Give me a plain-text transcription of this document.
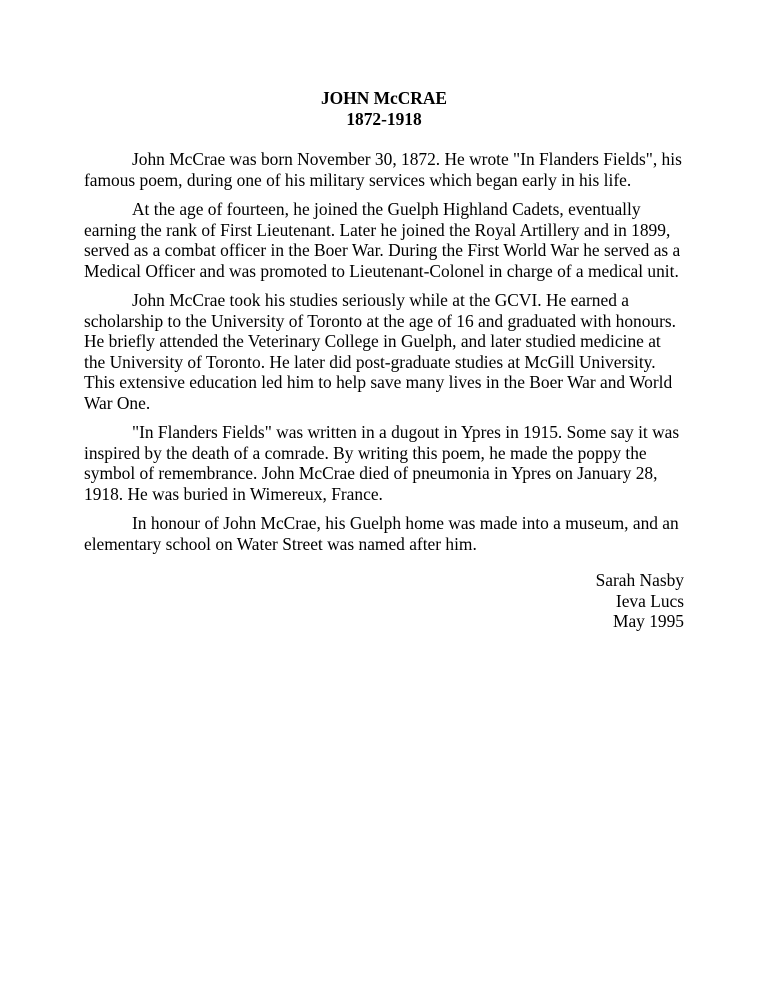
JOHN McCRAE
1872-1918

John McCrae was born November 30, 1872. He wrote "In Flanders Fields", his famous poem, during one of his military services which began early in his life.

At the age of fourteen, he joined the Guelph Highland Cadets, eventually earning the rank of First Lieutenant. Later he joined the Royal Artillery and in 1899, served as a combat officer in the Boer War. During the First World War he served as a Medical Officer and was promoted to Lieutenant-Colonel in charge of a medical unit.

John McCrae took his studies seriously while at the GCVI. He earned a scholarship to the University of Toronto at the age of 16 and graduated with honours. He briefly attended the Veterinary College in Guelph, and later studied medicine at the University of Toronto. He later did post-graduate studies at McGill University. This extensive education led him to help save many lives in the Boer War and World War One.

"In Flanders Fields" was written in a dugout in Ypres in 1915. Some say it was inspired by the death of a comrade. By writing this poem, he made the poppy the symbol of remembrance. John McCrae died of pneumonia in Ypres on January 28, 1918. He was buried in Wimereux, France.

In honour of John McCrae, his Guelph home was made into a museum, and an elementary school on Water Street was named after him.

Sarah Nasby
Ieva Lucs
May 1995
